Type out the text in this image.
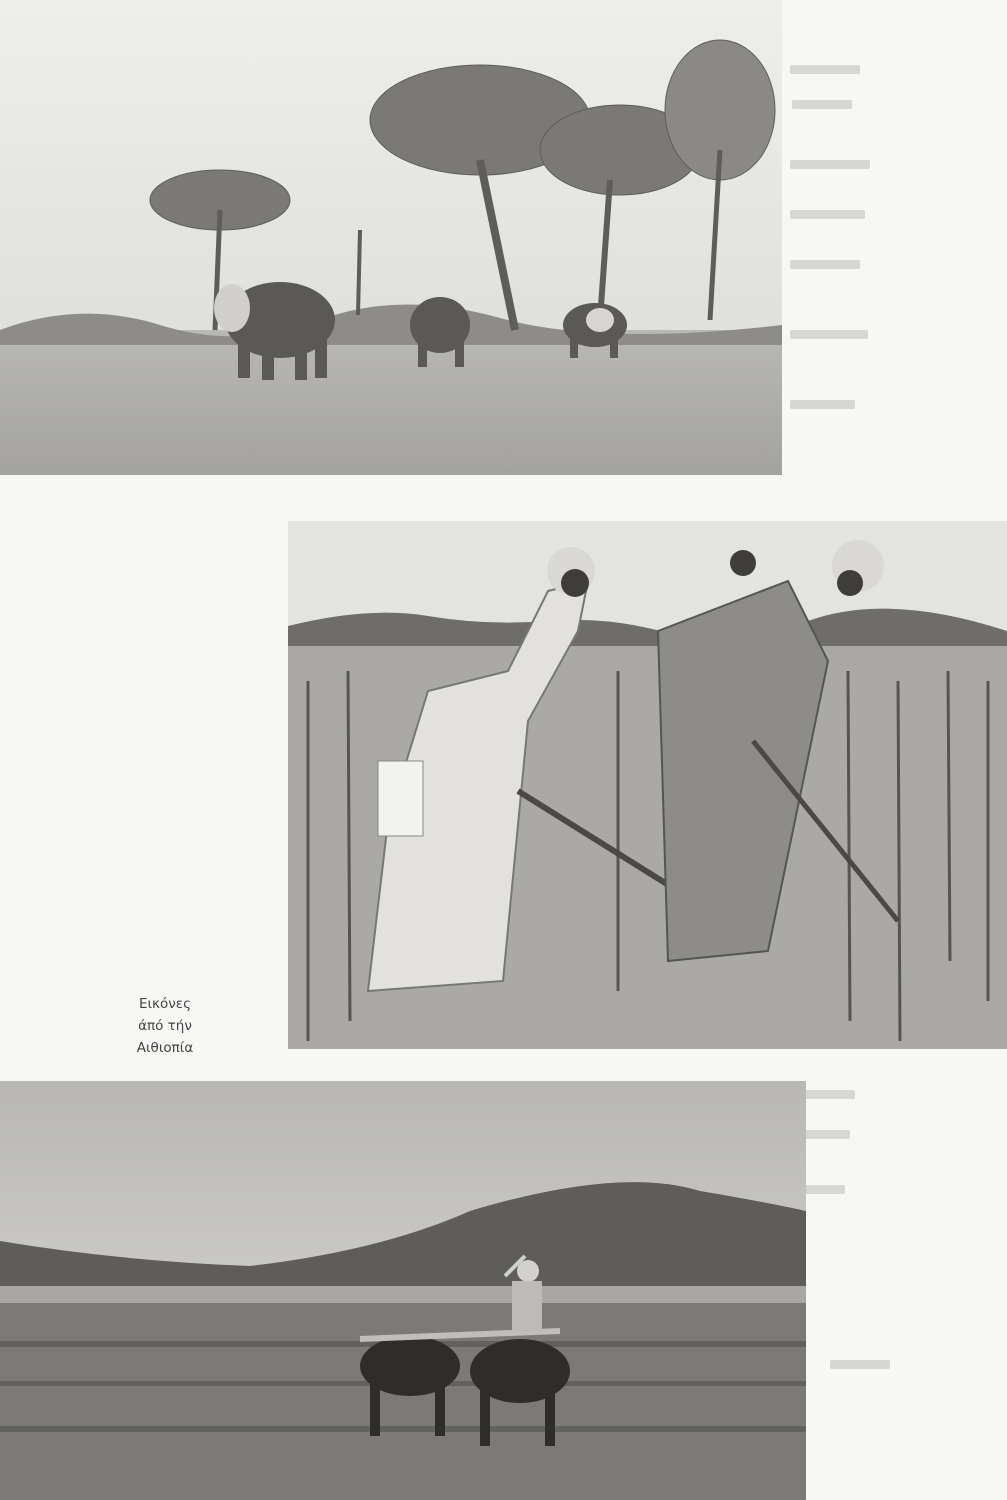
Εικόνες
άπό τήν
Αιθιοπία
